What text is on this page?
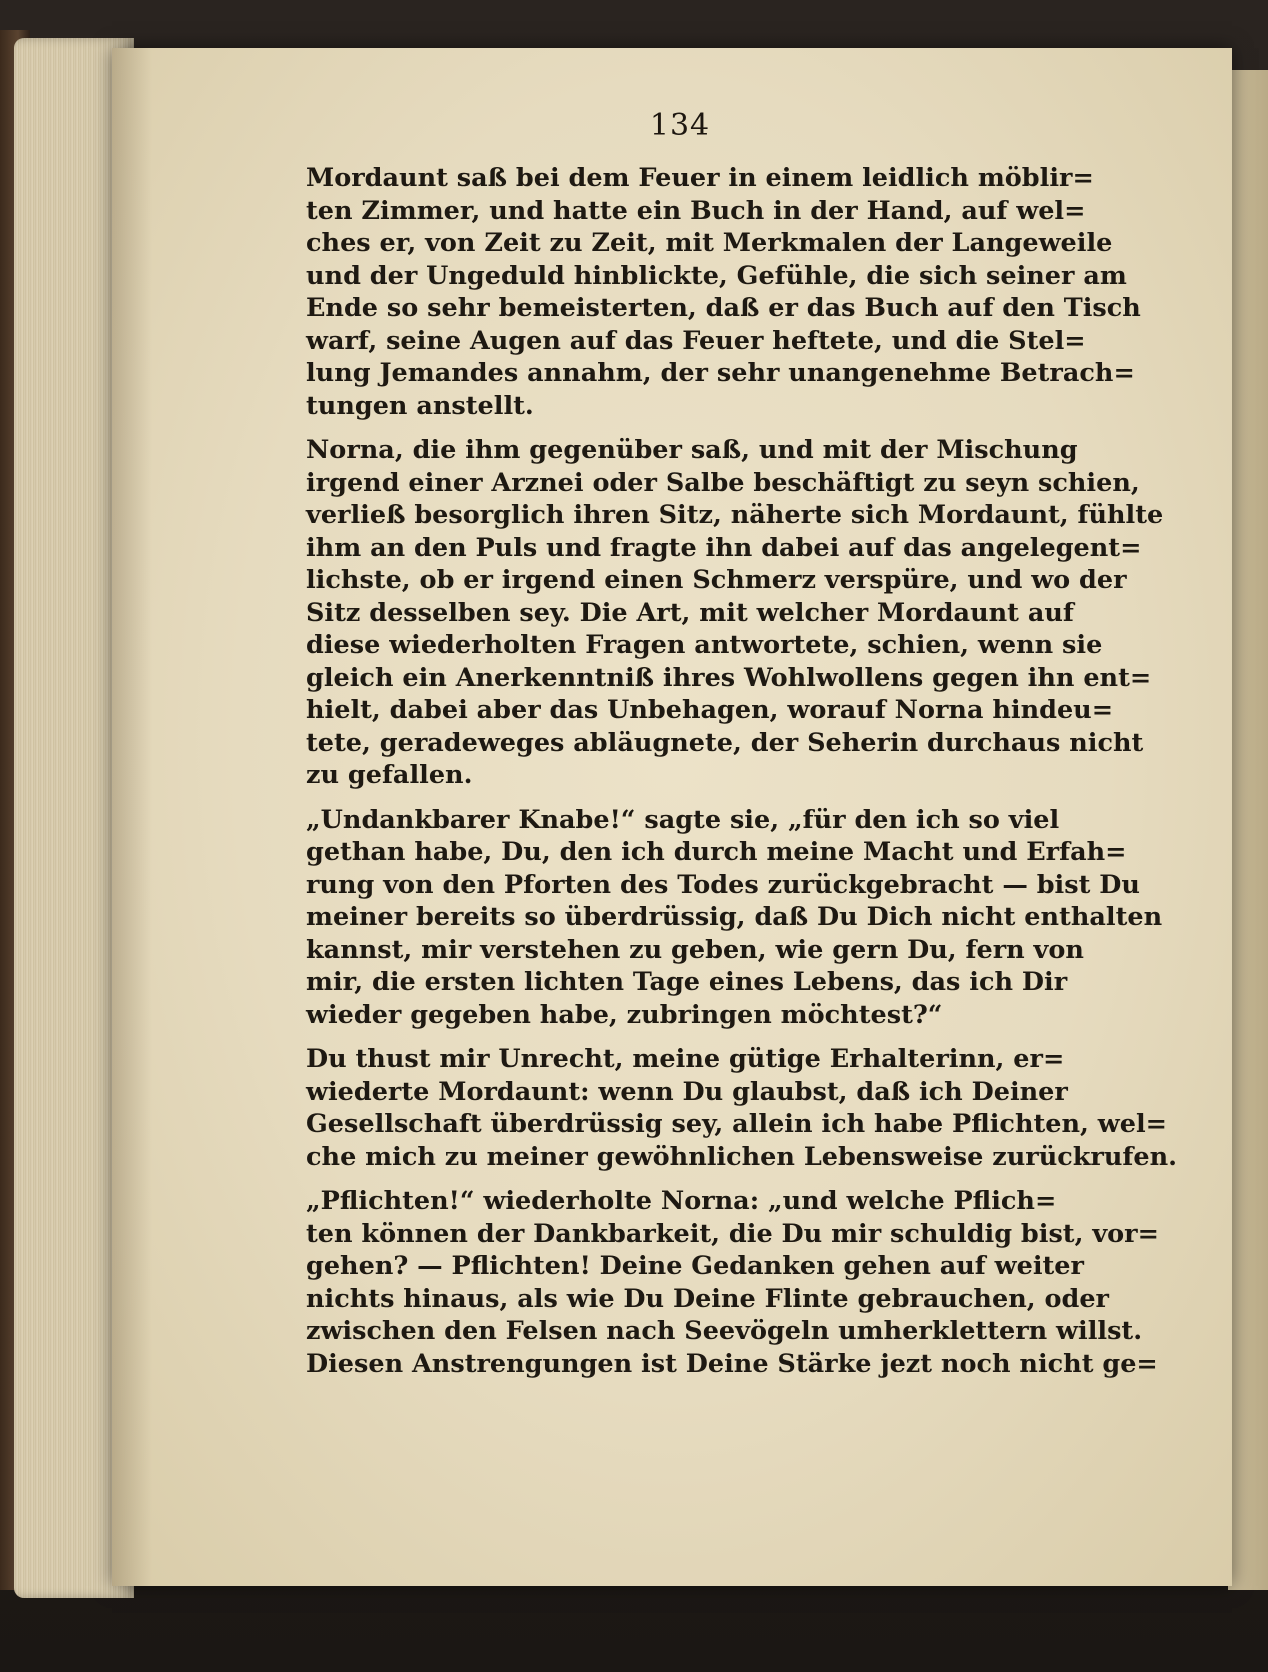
134

Mordaunt saß bei dem Feuer in einem leidlich möblir=
ten Zimmer, und hatte ein Buch in der Hand, auf wel=
ches er, von Zeit zu Zeit, mit Merkmalen der Langeweile
und der Ungeduld hinblickte, Gefühle, die sich seiner am
Ende so sehr bemeisterten, daß er das Buch auf den Tisch
warf, seine Augen auf das Feuer heftete, und die Stel=
lung Jemandes annahm, der sehr unangenehme Betrach=
tungen anstellt.

Norna, die ihm gegenüber saß, und mit der Mischung
irgend einer Arznei oder Salbe beschäftigt zu seyn schien,
verließ besorglich ihren Sitz, näherte sich Mordaunt, fühlte
ihm an den Puls und fragte ihn dabei auf das angelegent=
lichste, ob er irgend einen Schmerz verspüre, und wo der
Sitz desselben sey. Die Art, mit welcher Mordaunt auf
diese wiederholten Fragen antwortete, schien, wenn sie
gleich ein Anerkenntniß ihres Wohlwollens gegen ihn ent=
hielt, dabei aber das Unbehagen, worauf Norna hindeu=
tete, geradeweges abläugnete, der Seherin durchaus nicht
zu gefallen.

„Undankbarer Knabe!“ sagte sie, „für den ich so viel
gethan habe, Du, den ich durch meine Macht und Erfah=
rung von den Pforten des Todes zurückgebracht — bist Du
meiner bereits so überdrüssig, daß Du Dich nicht enthalten
kannst, mir verstehen zu geben, wie gern Du, fern von
mir, die ersten lichten Tage eines Lebens, das ich Dir
wieder gegeben habe, zubringen möchtest?“

Du thust mir Unrecht, meine gütige Erhalterinn, er=
wiederte Mordaunt: wenn Du glaubst, daß ich Deiner
Gesellschaft überdrüssig sey, allein ich habe Pflichten, wel=
che mich zu meiner gewöhnlichen Lebensweise zurückrufen.

„Pflichten!“ wiederholte Norna: „und welche Pflich=
ten können der Dankbarkeit, die Du mir schuldig bist, vor=
gehen? — Pflichten! Deine Gedanken gehen auf weiter
nichts hinaus, als wie Du Deine Flinte gebrauchen, oder
zwischen den Felsen nach Seevögeln umherklettern willst.
Diesen Anstrengungen ist Deine Stärke jezt noch nicht ge=
